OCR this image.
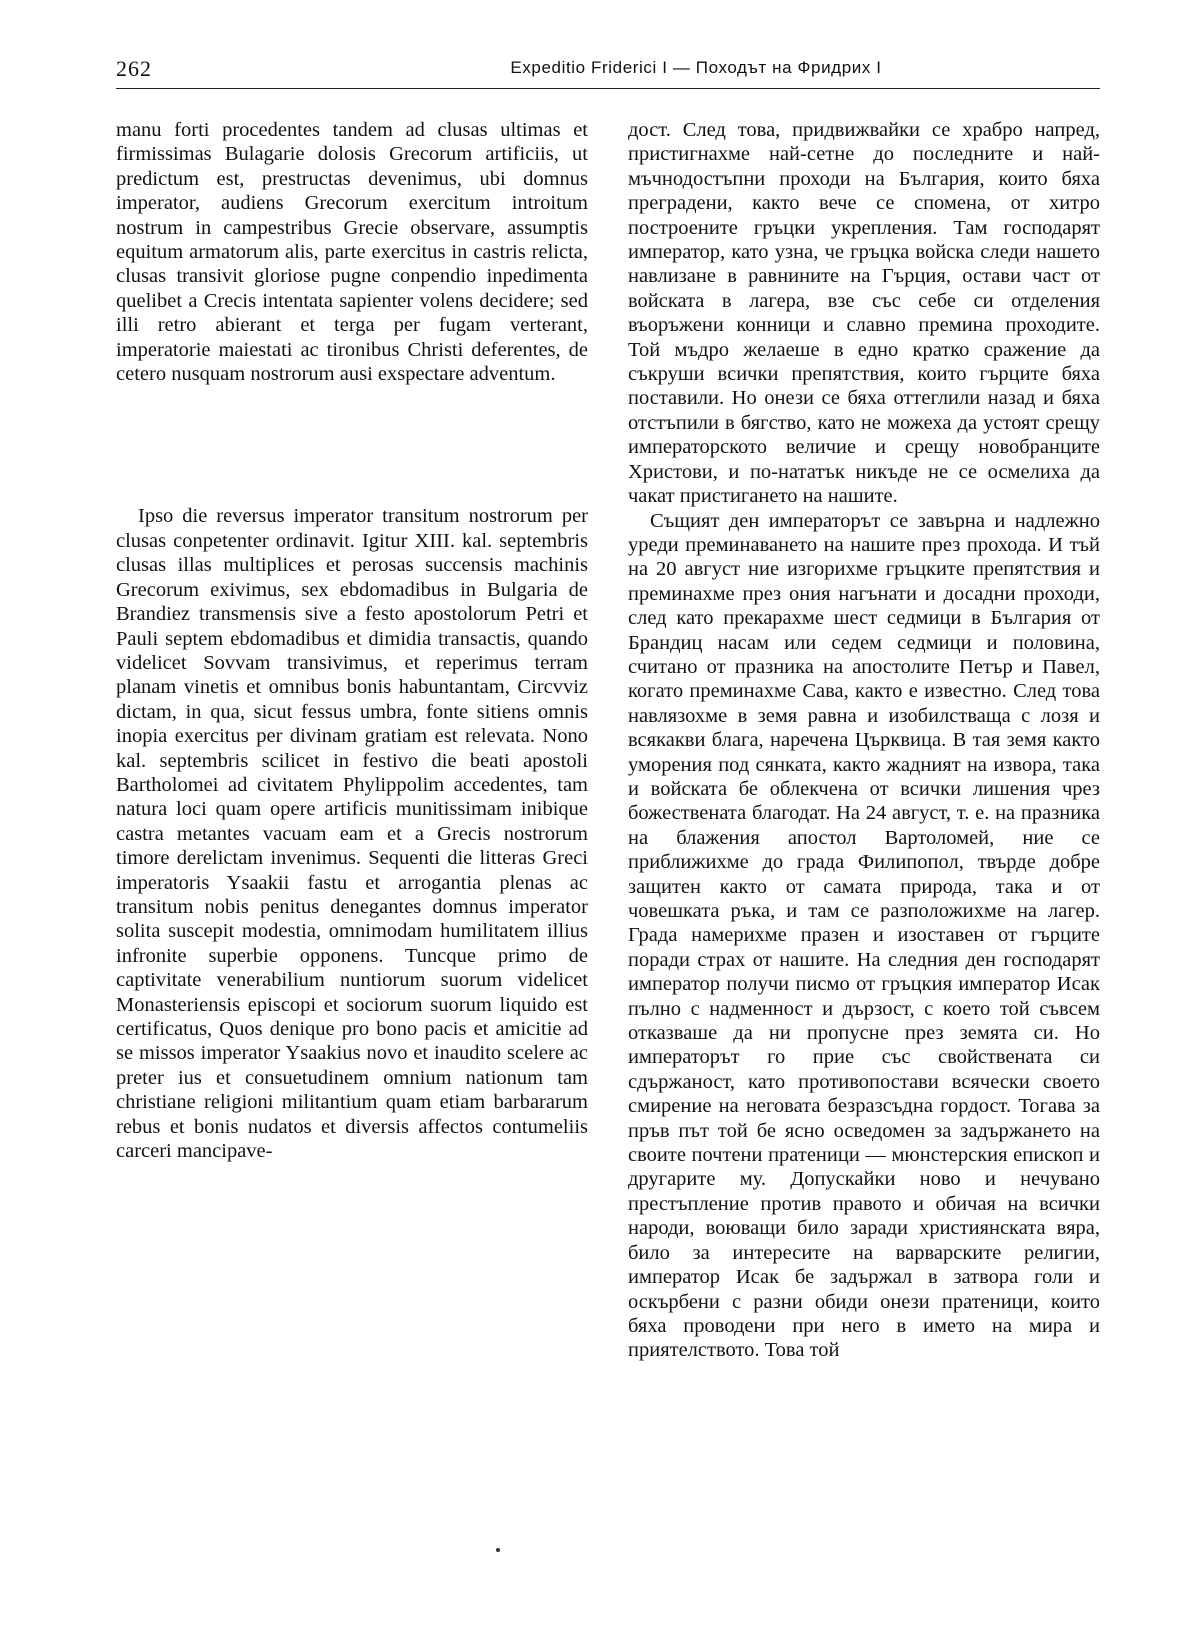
262	Expeditio Friderici I — Походът на Фридрих I

manu forti procedentes tandem ad clusas ultimas et firmissimas Bulagarie dolosis Grecorum artificiis, ut predictum est, prestructas devenimus, ubi domnus imperator, audiens Grecorum exercitum introitum nostrum in campestribus Grecie observare, assumptis equitum armatorum alis, parte exercitus in castris relicta, clusas transivit gloriose pugne conpendio inpedimenta quelibet a Crecis intentata sapienter volens decidere; sed illi retro abierant et terga per fugam verterant, imperatorie maiestati ac tironibus Christi deferentes, de cetero nusquam nostrorum ausi exspectare adventum.

Ipso die reversus imperator transitum nostrorum per clusas conpetenter ordinavit. Igitur XIII. kal. septembris clusas illas multiplices et perosas succensis machinis Grecorum exivimus, sex ebdomadibus in Bulgaria de Brandiez transmensis sive a festo apostolorum Petri et Pauli septem ebdomadibus et dimidia transactis, quando videlicet Sovvam transivimus, et reperimus terram planam vinetis et omnibus bonis habuntantam, Circvviz dictam, in qua, sicut fessus umbra, fonte sitiens omnis inopia exercitus per divinam gratiam est relevata. Nono kal. septembris scilicet in festivo die beati apostoli Bartholomei ad civitatem Phylippolim accedentes, tam natura loci quam opere artificis munitissimam inibique castra metantes vacuam eam et a Grecis nostrorum timore derelictam invenimus. Sequenti die litteras Greci imperatoris Ysaakii fastu et arrogantia plenas ac transitum nobis penitus denegantes domnus imperator solita suscepit modestia, omnimodam humilitatem illius infronite superbie opponens. Tuncque primo de captivitate venerabilium nuntiorum suorum videlicet Monasteriensis episcopi et sociorum suorum liquido est certificatus, Quos denique pro bono pacis et amicitie ad se missos imperator Ysaakius novo et inaudito scelere ac preter ius et consuetudinem omnium nationum tam christiane religioni militantium quam etiam barbararum rebus et bonis nudatos et diversis affectos contumeliis carceri mancipave-

дост. След това, придвижвайки се храбро напред, пристигнахме най-сетне до последните и най-мъчнодостъпни проходи на България, които бяха преградени, както вече се спомена, от хитро построените гръцки укрепления. Там господарят император, като узна, че гръцка войска следи нашето навлизане в равнините на Гърция, остави част от войската в лагера, взе със себе си отделения въоръжени конници и славно премина проходите. Той мъдро желаеше в едно кратко сражение да съкруши всички препятствия, които гърците бяха поставили. Но онези се бяха оттеглили назад и бяха отстъпили в бягство, като не можеха да устоят срещу императорското величие и срещу новобранците Христови, и по-нататък никъде не се осмелиха да чакат пристигането на нашите.

Същият ден императорът се завърна и надлежно уреди преминаването на нашите през прохода. И тъй на 20 август ние изгорихме гръцките препятствия и преминахме през ония нагънати и досадни проходи, след като прекарахме шест седмици в България от Брандиц насам или седем седмици и половина, считано от празника на апостолите Петър и Павел, когато преминахме Сава, както е известно. След това навлязохме в земя равна и изобилстваща с лозя и всякакви блага, наречена Църквица. В тая земя както уморения под сянката, както жадният на извора, така и войската бе облекчена от всички лишения чрез божествената благодат. На 24 август, т. е. на празника на блажения апостол Вартоломей, ние се приближихме до града Филипопол, твърде добре защитен както от самата природа, така и от човешката ръка, и там се разположихме на лагер. Града намерихме празен и изоставен от гърците поради страх от нашите. На следния ден господарят император получи писмо от гръцкия император Исак пълно с надменност и дързост, с което той съвсем отказваше да ни пропусне през земята си. Но императорът го прие със свойствената си сдържаност, като противопостави всячески своето смирение на неговата безразсъдна гордост. Тогава за пръв път той бе ясно осведомен за задържането на своите почтени пратеници — мюнстерския епископ и другарите му. Допускайки ново и нечувано престъпление против правото и обичая на всички народи, воюващи било заради християнската вяра, било за интересите на варварските религии, император Исак бе задържал в затвора голи и оскърбени с разни обиди онези пратеници, които бяха проводени при него в името на мира и приятелството. Това той
